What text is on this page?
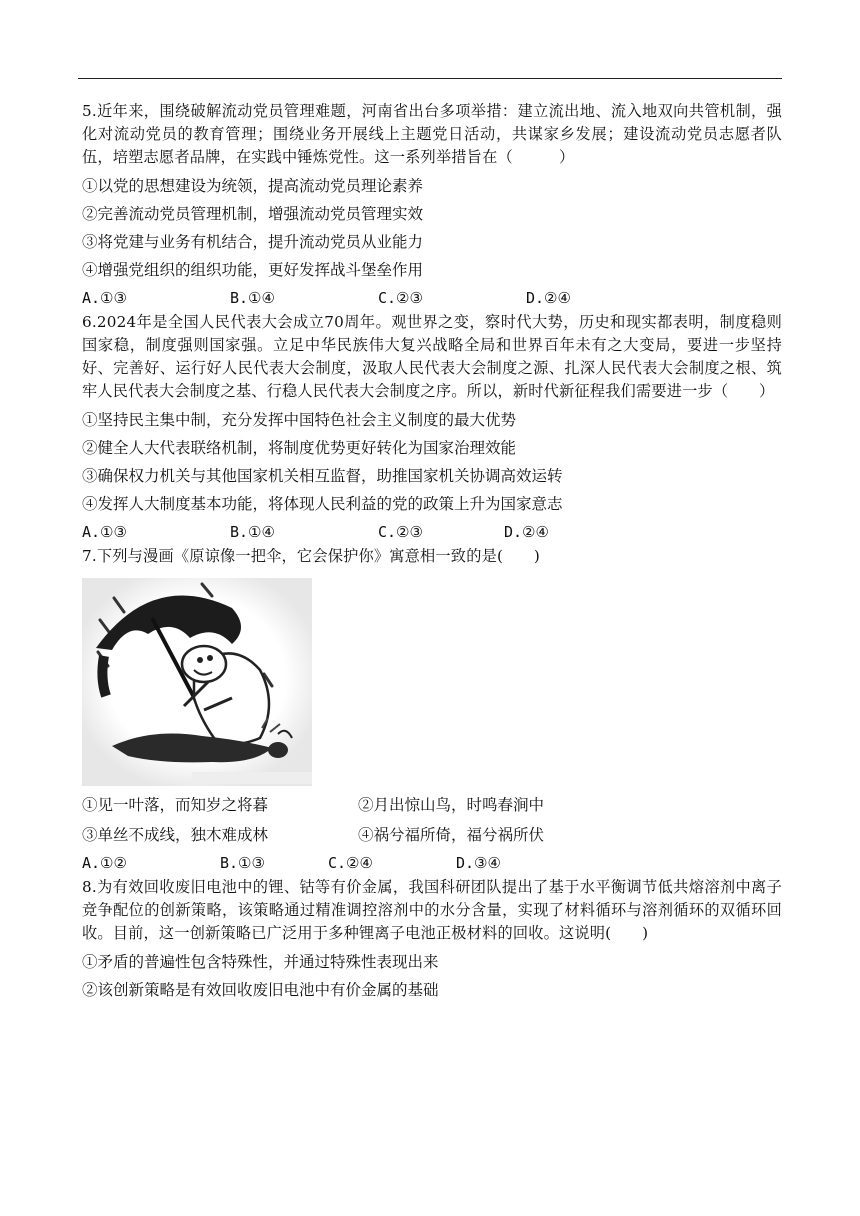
5.近年来，围绕破解流动党员管理难题，河南省出台多项举措：建立流出地、流入地双向共管机制，强化对流动党员的教育管理；围绕业务开展线上主题党日活动，共谋家乡发展；建设流动党员志愿者队伍，培塑志愿者品牌，在实践中锤炼党性。这一系列举措旨在（　　　）

①以党的思想建设为统领，提高流动党员理论素养

②完善流动党员管理机制，增强流动党员管理实效

③将党建与业务有机结合，提升流动党员从业能力

④增强党组织的组织功能，更好发挥战斗堡垒作用

A.①③	B.①④	C.②③	D.②④

6.2024年是全国人民代表大会成立70周年。观世界之变，察时代大势，历史和现实都表明，制度稳则国家稳，制度强则国家强。立足中华民族伟大复兴战略全局和世界百年未有之大变局，要进一步坚持好、完善好、运行好人民代表大会制度，汲取人民代表大会制度之源、扎深人民代表大会制度之根、筑牢人民代表大会制度之基、行稳人民代表大会制度之序。所以，新时代新征程我们需要进一步（　　）

①坚持民主集中制，充分发挥中国特色社会主义制度的最大优势

②健全人大代表联络机制，将制度优势更好转化为国家治理效能

③确保权力机关与其他国家机关相互监督，助推国家机关协调高效运转

④发挥人大制度基本功能，将体现人民利益的党的政策上升为国家意志

A.①③	B.①④	C.②③	D.②④

7.下列与漫画《原谅像一把伞，它会保护你》寓意相一致的是(　　)

①见一叶落，而知岁之将暮	②月出惊山鸟，时鸣春涧中
③单丝不成线，独木难成林	④祸兮福所倚，福兮祸所伏
A.①②	B.①③	C.②④	D.③④

8.为有效回收废旧电池中的锂、钴等有价金属，我国科研团队提出了基于水平衡调节低共熔溶剂中离子竞争配位的创新策略，该策略通过精准调控溶剂中的水分含量，实现了材料循环与溶剂循环的双循环回收。目前，这一创新策略已广泛用于多种锂离子电池正极材料的回收。这说明(　　)

①矛盾的普遍性包含特殊性，并通过特殊性表现出来

②该创新策略是有效回收废旧电池中有价金属的基础
